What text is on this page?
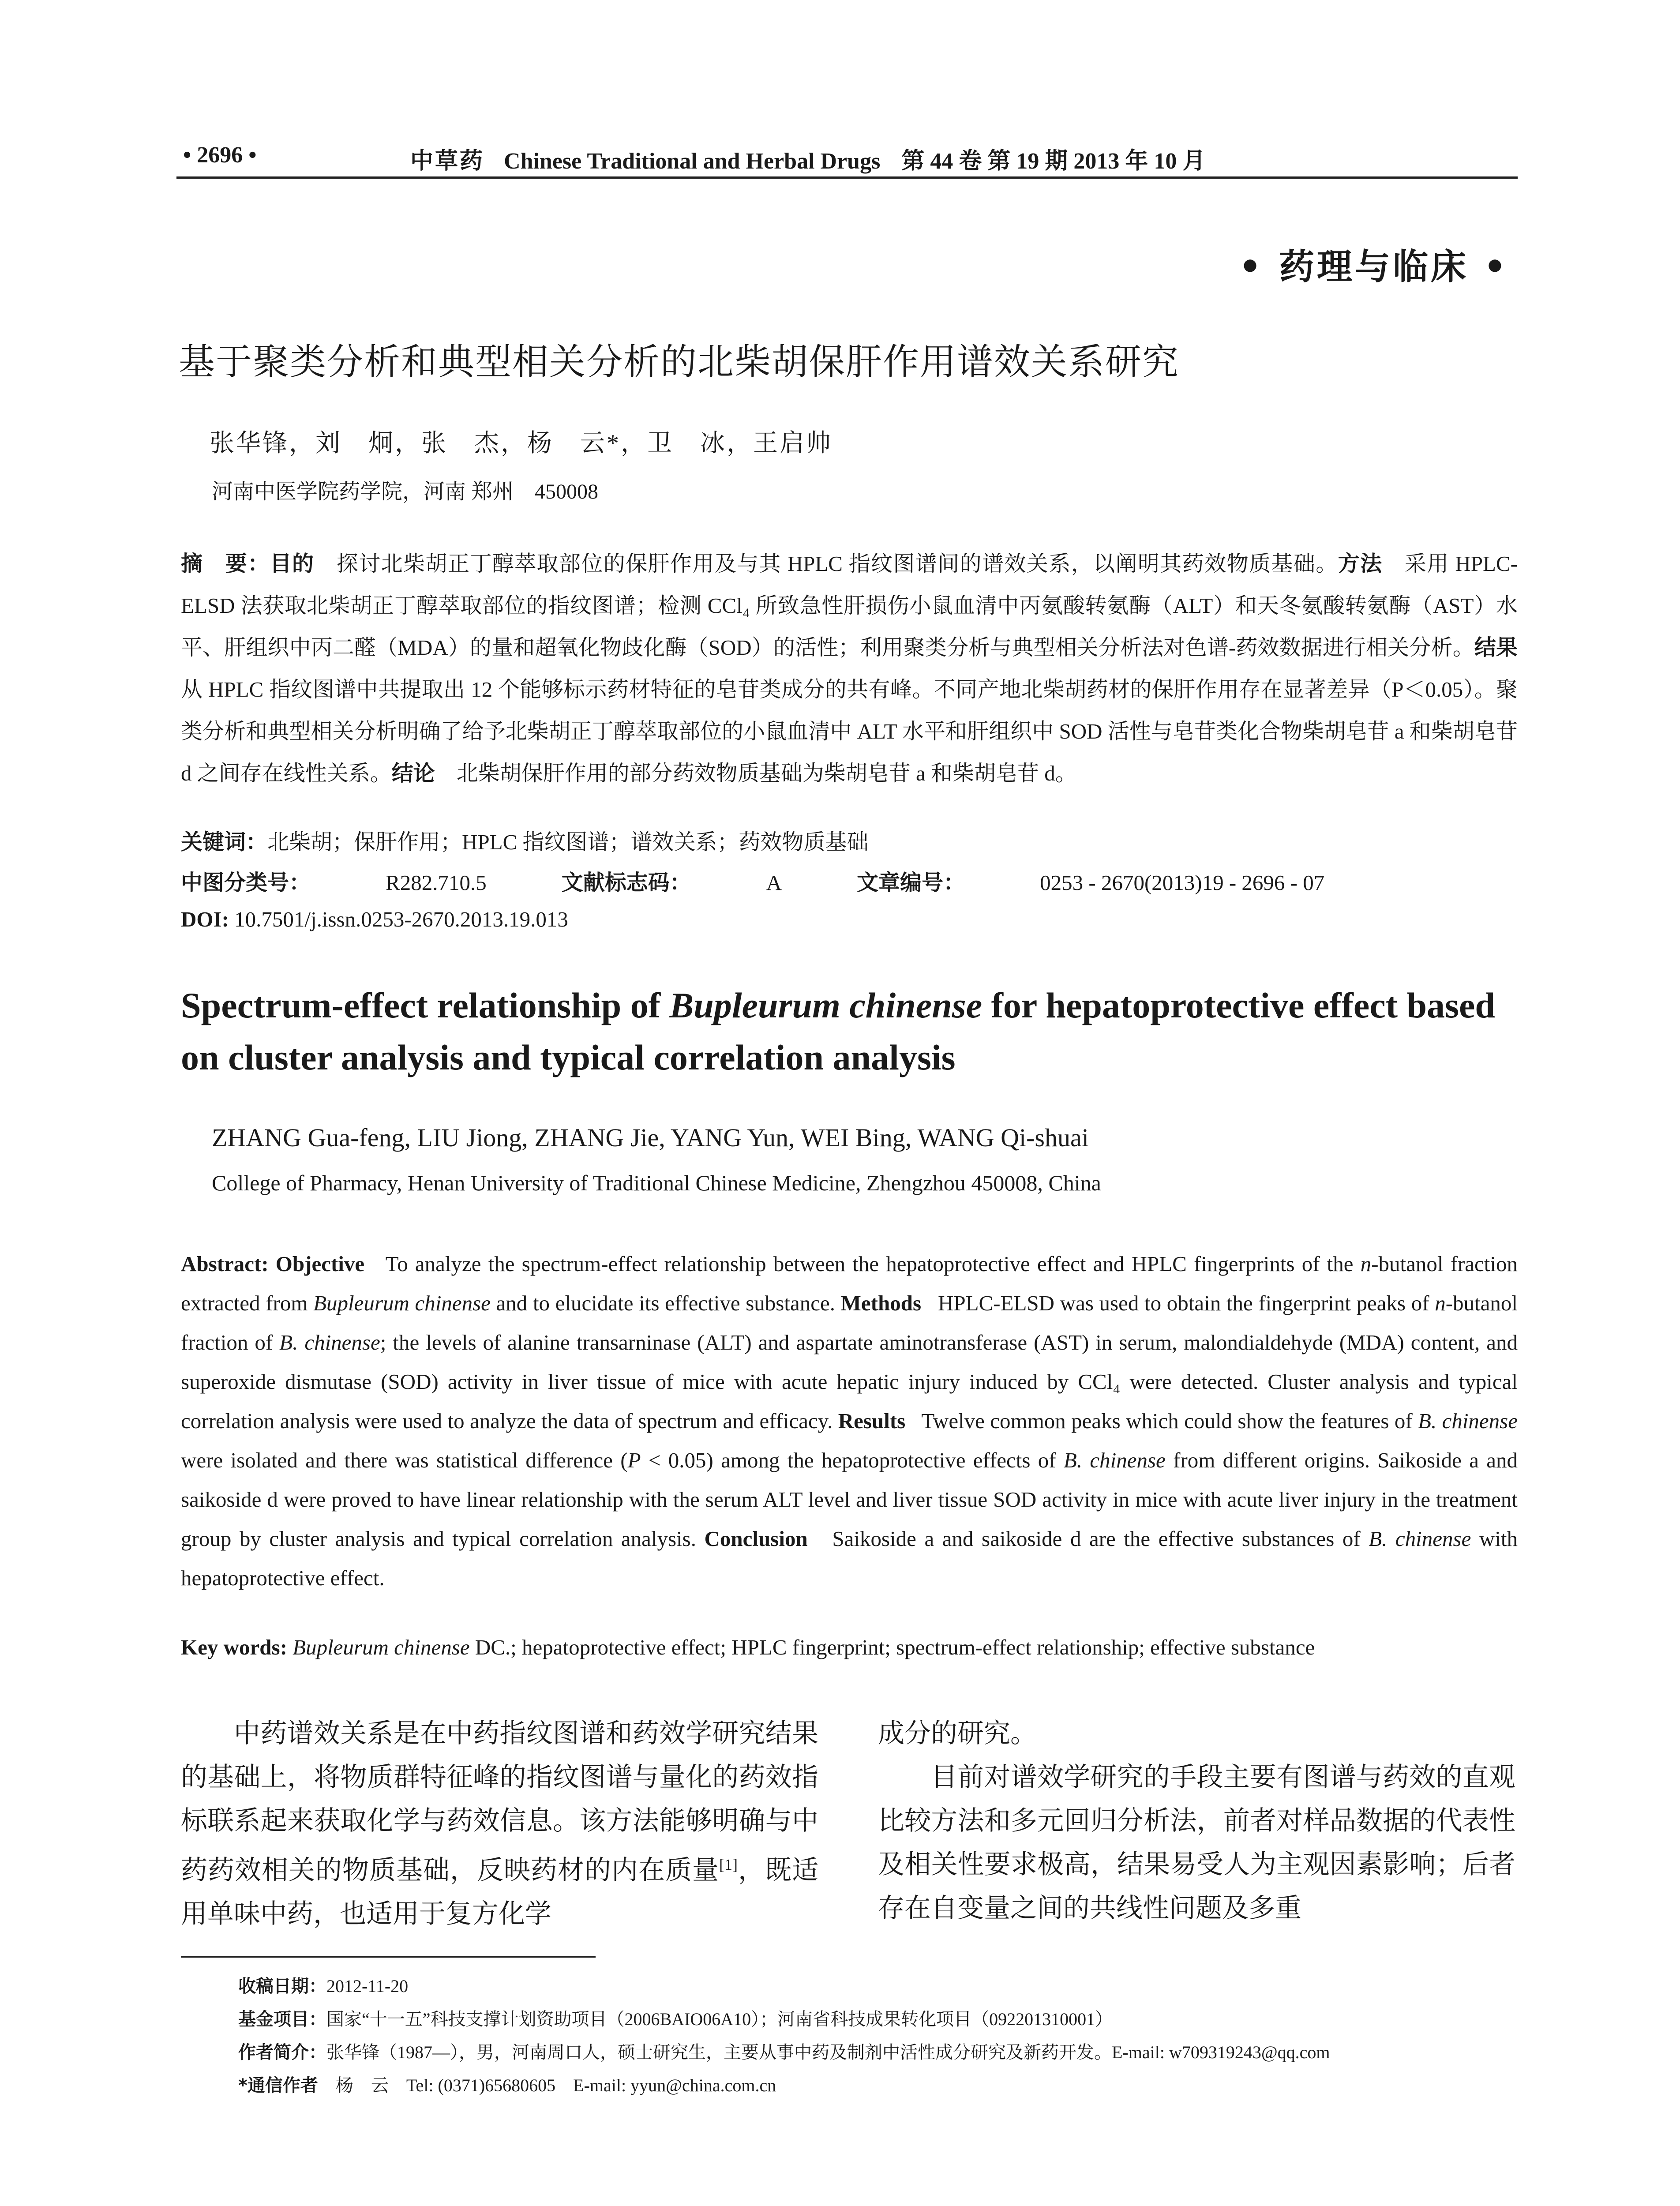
• 2696 •	中草药 Chinese Traditional and Herbal Drugs 第 44 卷 第 19 期 2013 年 10 月
• 药理与临床 •
基于聚类分析和典型相关分析的北柴胡保肝作用谱效关系研究
张华锋，刘　炯，张　杰，杨　云*，卫　冰，王启帅
河南中医学院药学院，河南 郑州　450008
摘　要：目的　 探讨北柴胡正丁醇萃取部位的保肝作用及与其 HPLC 指纹图谱间的谱效关系，以阐明其药效物质基础。方法　 采用 HPLC-ELSD 法获取北柴胡正丁醇萃取部位的指纹图谱；检测 CCl₄ 所致急性肝损伤小鼠血清中丙氨酸转氨酶（ALT）和天冬氨酸转氨酶（AST）水平、肝组织中丙二醛（MDA）的量和超氧化物歧化酶（SOD）的活性；利用聚类分析与典型相关分析法对色谱-药效数据进行相关分析。结果　从 HPLC 指纹图谱中共提取出 12 个能够标示药材特征的皂苷类成分的共有峰。不同产地北柴胡药材的保肝作用存在显著差异（P＜0.05）。聚类分析和典型相关分析明确了给予北柴胡正丁醇萃取部位的小鼠血清中 ALT 水平和肝组织中 SOD 活性与皂苷类化合物柴胡皂苷 a 和柴胡皂苷 d 之间存在线性关系。结论　 北柴胡保肝作用的部分药效物质基础为柴胡皂苷 a 和柴胡皂苷 d。
关键词：北柴胡；保肝作用；HPLC 指纹图谱；谱效关系；药效物质基础
中图分类号：	R282.710.5	文献标志码：	A	文章编号：	0253 - 2670(2013)19 - 2696 - 07
DOI: 10.7501/j.issn.0253-2670.2013.19.013
Spectrum-effect relationship of Bupleurum chinense for hepatoprotective effect based on cluster analysis and typical correlation analysis
ZHANG Gua-feng, LIU Jiong, ZHANG Jie, YANG Yun, WEI Bing, WANG Qi-shuai
College of Pharmacy, Henan University of Traditional Chinese Medicine, Zhengzhou 450008, China
Abstract: Objective To analyze the spectrum-effect relationship between the hepatoprotective effect and HPLC fingerprints of the n-butanol fraction extracted from Bupleurum chinense and to elucidate its effective substance. Methods HPLC-ELSD was used to obtain the fingerprint peaks of n-butanol fraction of B. chinense; the levels of alanine transarninase (ALT) and aspartate aminotransferase (AST) in serum, malondialdehyde (MDA) content, and superoxide dismutase (SOD) activity in liver tissue of mice with acute hepatic injury induced by CCl₄ were detected. Cluster analysis and typical correlation analysis were used to analyze the data of spectrum and efficacy. Results Twelve common peaks which could show the features of B. chinense were isolated and there was statistical difference (P < 0.05) among the hepatoprotective effects of B. chinense from different origins. Saikoside a and saikoside d were proved to have linear relationship with the serum ALT level and liver tissue SOD activity in mice with acute liver injury in the treatment group by cluster analysis and typical correlation analysis. Conclusion Saikoside a and saikoside d are the effective substances of B. chinense with hepatoprotective effect.
Key words: Bupleurum chinense DC.; hepatoprotective effect; HPLC fingerprint; spectrum-effect relationship; effective substance

中药谱效关系是在中药指纹图谱和药效学研究结果的基础上，将物质群特征峰的指纹图谱与量化的药效指标联系起来获取化学与药效信息。该方法能够明确与中药药效相关的物质基础，反映药材的内在质量[1]，既适用单味中药，也适用于复方化学

成分的研究。

目前对谱效学研究的手段主要有图谱与药效的直观比较方法和多元回归分析法，前者对样品数据的代表性及相关性要求极高，结果易受人为主观因素影响；后者存在自变量之间的共线性问题及多重

收稿日期：2012-11-20
基金项目：国家“十一五”科技支撑计划资助项目（2006BAIO06A10）；河南省科技成果转化项目（092201310001）
作者简介：张华锋（1987—），男，河南周口人，硕士研究生，主要从事中药及制剂中活性成分研究及新药开发。E-mail: w709319243@qq.com
*通信作者　 杨　云　Tel: (0371)65680605　E-mail: yyun@china.com.cn
